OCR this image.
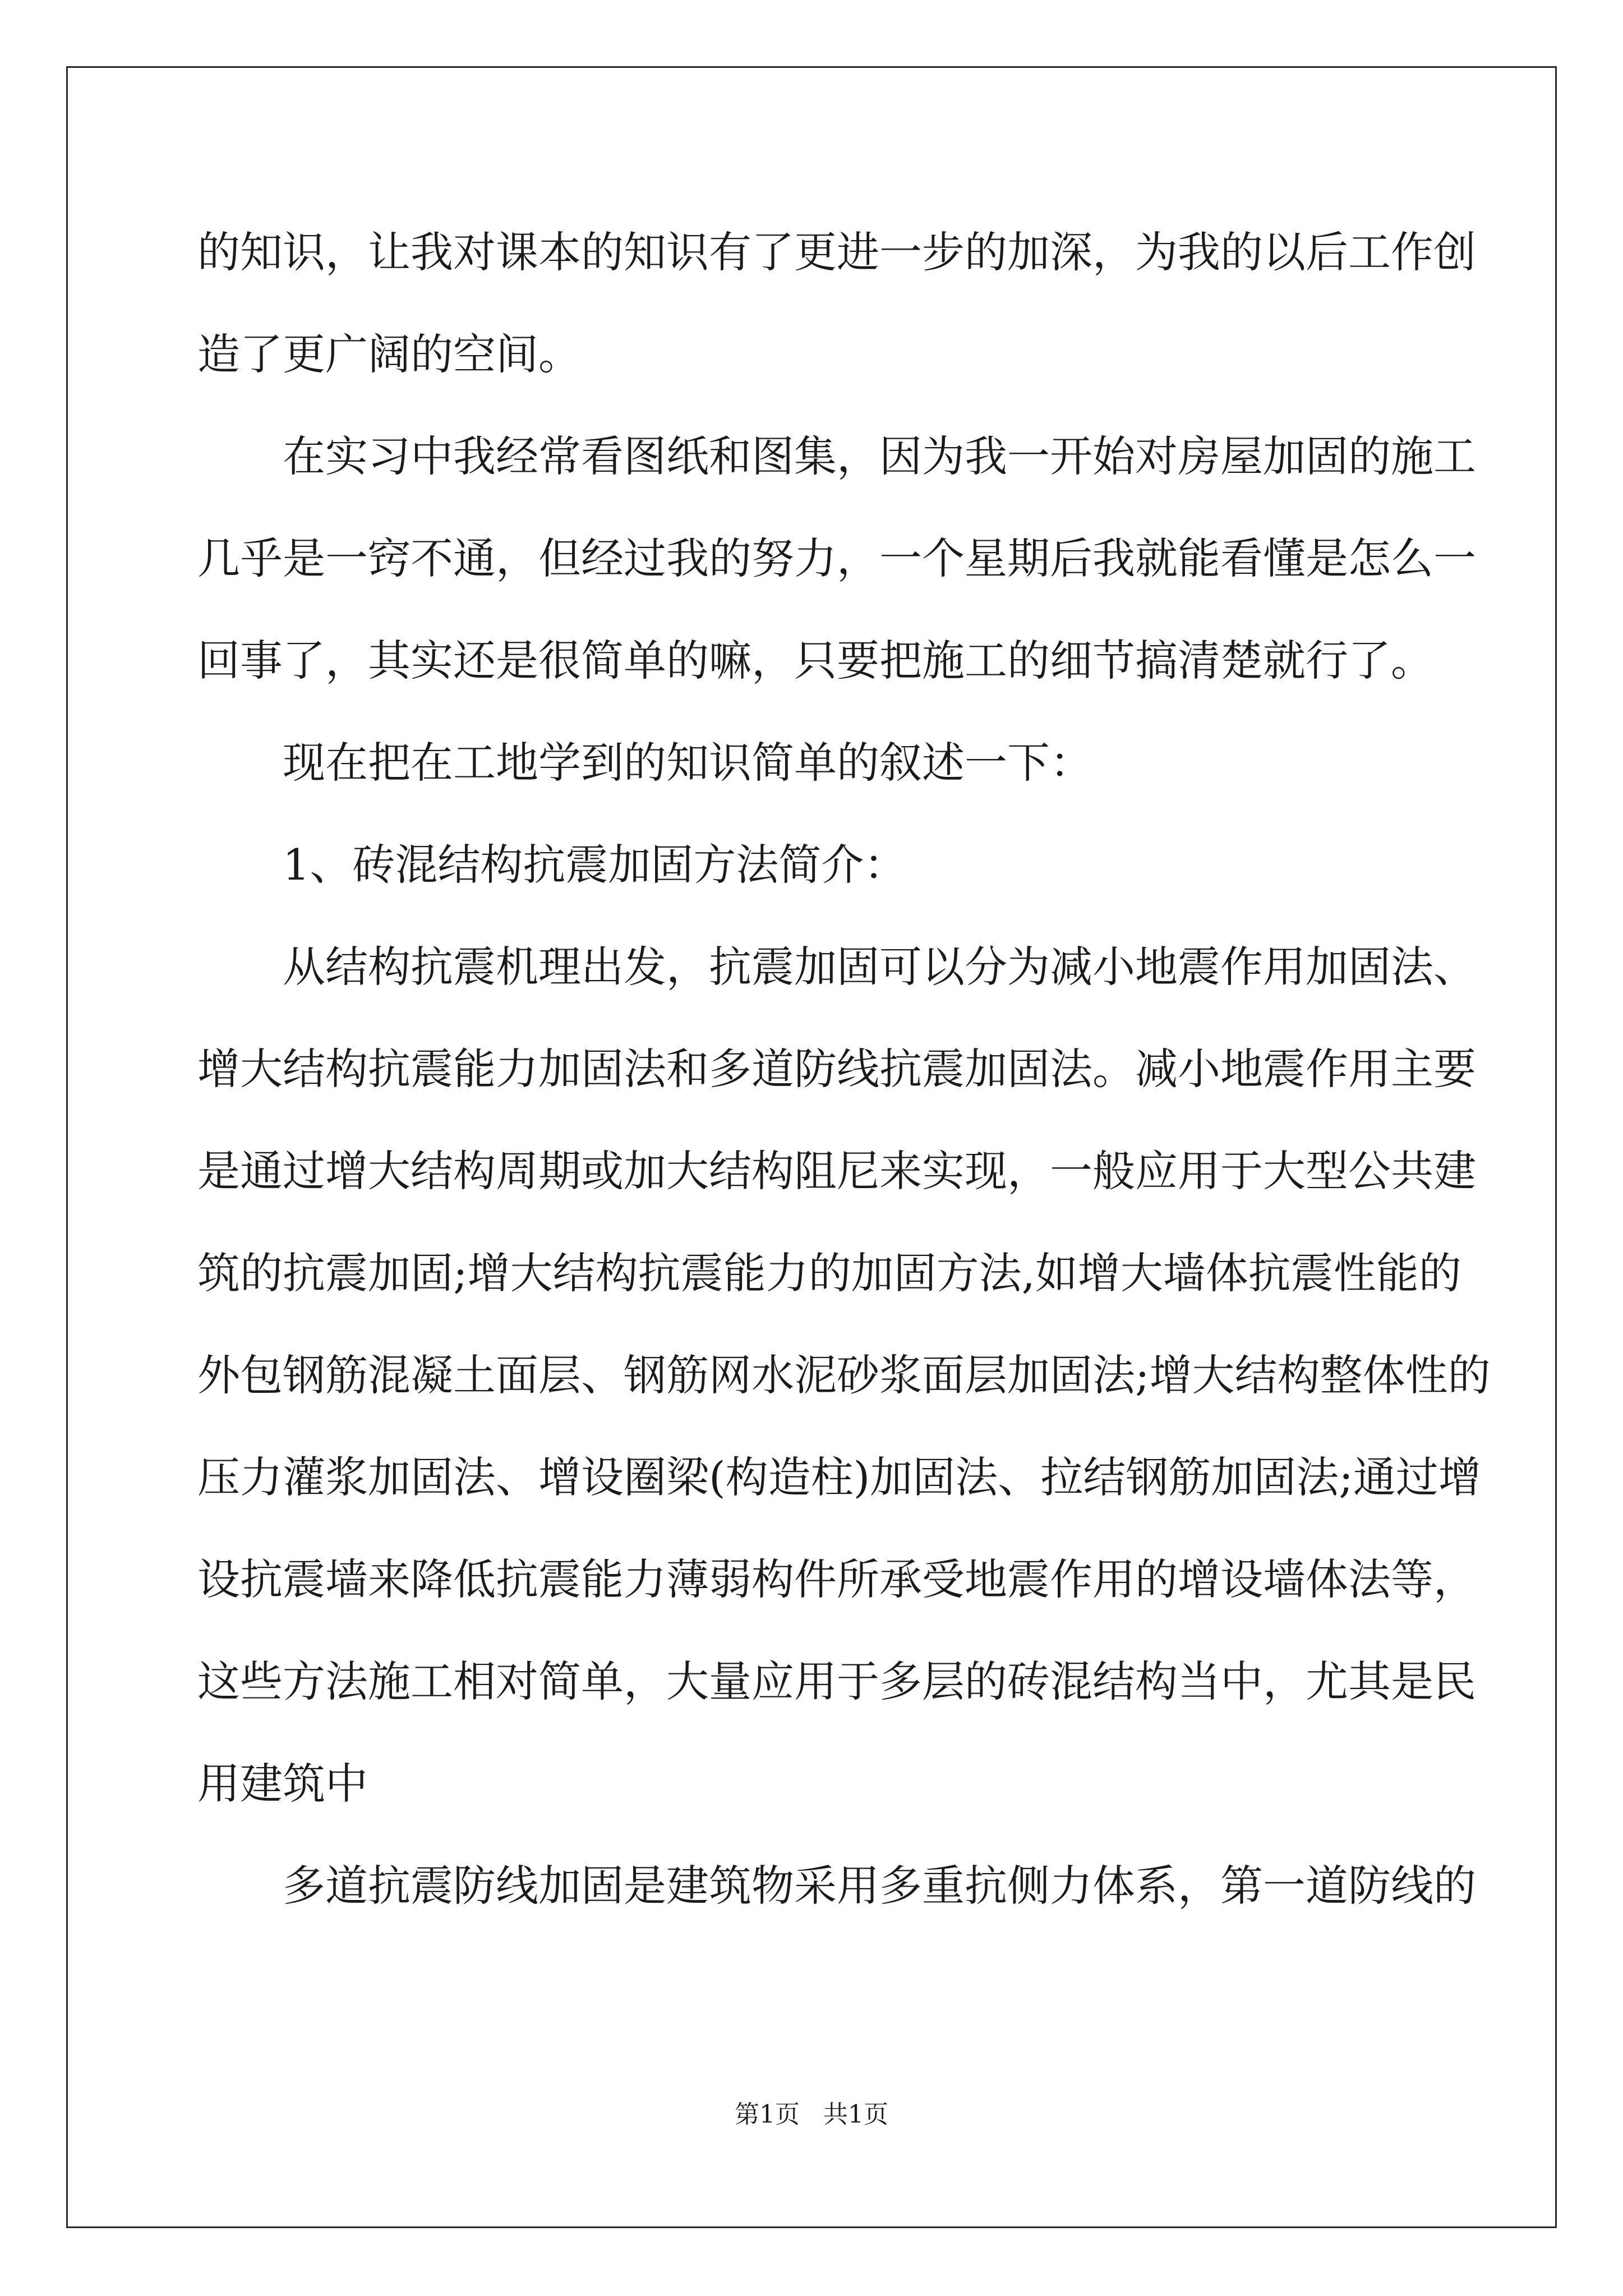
的知识，让我对课本的知识有了更进一步的加深，为我的以后工作创
造了更广阔的空间。
在实习中我经常看图纸和图集，因为我一开始对房屋加固的施工
几乎是一窍不通，但经过我的努力，一个星期后我就能看懂是怎么一
回事了，其实还是很简单的嘛，只要把施工的细节搞清楚就行了。
现在把在工地学到的知识简单的叙述一下：
1、砖混结构抗震加固方法简介：
从结构抗震机理出发，抗震加固可以分为减小地震作用加固法、
增大结构抗震能力加固法和多道防线抗震加固法。减小地震作用主要
是通过增大结构周期或加大结构阻尼来实现，一般应用于大型公共建
筑的抗震加固;增大结构抗震能力的加固方法,如增大墙体抗震性能的
外包钢筋混凝土面层、钢筋网水泥砂浆面层加固法;增大结构整体性的
压力灌浆加固法、增设圈梁(构造柱)加固法、拉结钢筋加固法;通过增
设抗震墙来降低抗震能力薄弱构件所承受地震作用的增设墙体法等，
这些方法施工相对简单，大量应用于多层的砖混结构当中，尤其是民
用建筑中
多道抗震防线加固是建筑物采用多重抗侧力体系，第一道防线的
第1页 共1页
